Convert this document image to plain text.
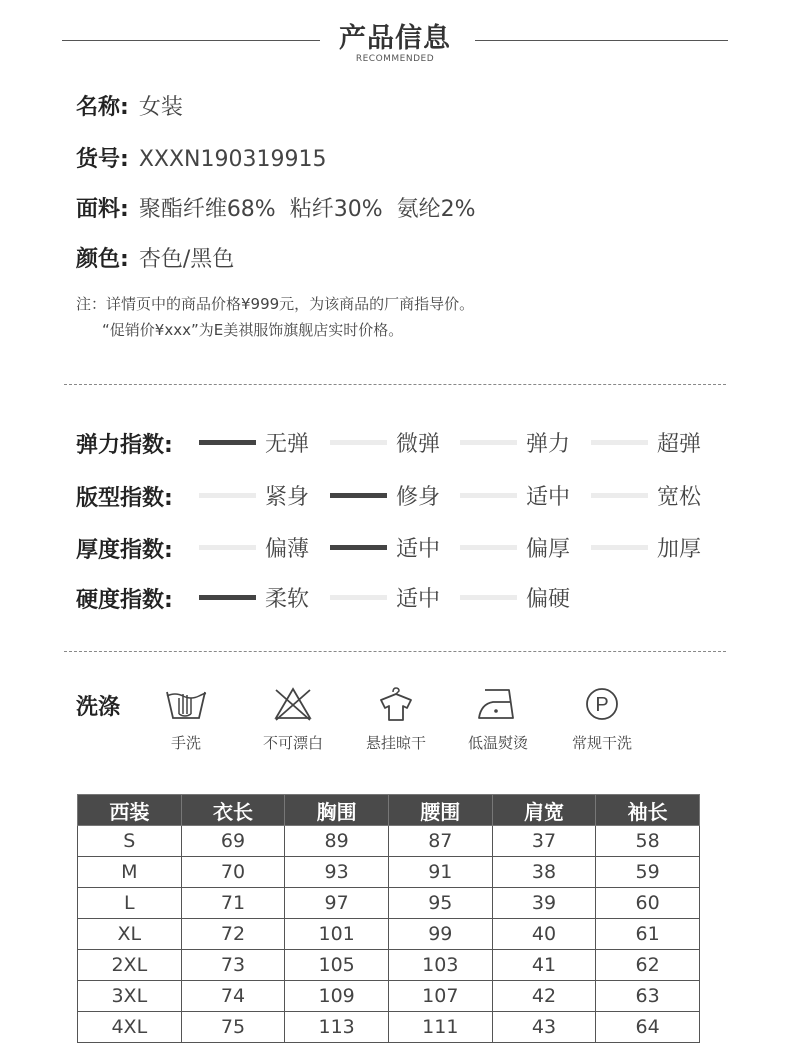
产品信息
RECOMMENDED
名称: 女装
货号: XXXN190319915
面料: 聚酯纤维68%  粘纤30%  氨纶2%
颜色: 杏色/黑色
注：详情页中的商品价格¥999元，为该商品的厂商指导价。
“促销价¥xxx”为E美祺服饰旗舰店实时价格。
弹力指数:	无弹	微弹	弹力	超弹
版型指数:	紧身	修身	适中	宽松
厚度指数:	偏薄	适中	偏厚	加厚
硬度指数:	柔软	适中	偏硬
洗涤
手洗	不可漂白	悬挂晾干	低温熨烫
P
常规干洗
西装	衣长	胸围	腰围	肩宽	袖长
S	69	89	87	37	58
M	70	93	91	38	59
L	71	97	95	39	60
XL	72	101	99	40	61
2XL	73	105	103	41	62
3XL	74	109	107	42	63
4XL	75	113	111	43	64
